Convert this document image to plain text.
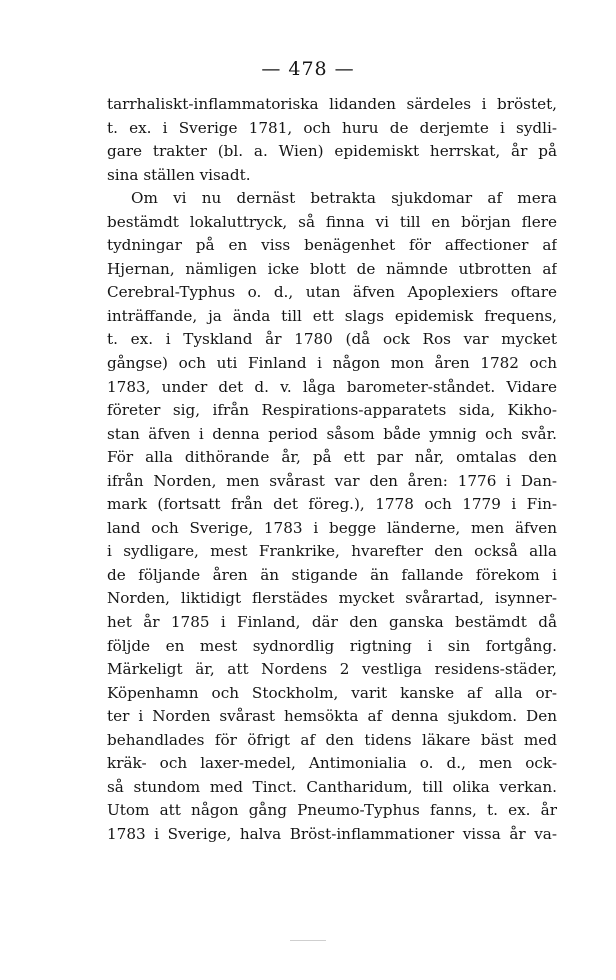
— 478 —
tarrhaliskt-inflammatoriska lidanden särdeles i bröstet,
t. ex. i Sverige 1781, och huru de derjemte i sydli-
gare trakter (bl. a. Wien) epidemiskt herrskat, år på
sina ställen visadt.
Om vi nu dernäst betrakta sjukdomar af mera
bestämdt lokaluttryck, så finna vi till en början flere
tydningar på en viss benägenhet för affectioner af
Hjernan, nämligen icke blott de nämnde utbrotten af
Cerebral-Typhus o. d., utan äfven Apoplexiers oftare
inträffande, ja ända till ett slags epidemisk frequens,
t. ex. i Tyskland år 1780 (då ock Ros var mycket
gångse) och uti Finland i någon mon åren 1782 och
1783, under det d. v. låga barometer-ståndet. Vidare
företer sig, ifrån Respirations-apparatets sida, Kikho-
stan äfven i denna period såsom både ymnig och svår.
För alla dithörande år, på ett par når, omtalas den
ifrån Norden, men svårast var den åren: 1776 i Dan-
mark (fortsatt från det föreg.), 1778 och 1779 i Fin-
land och Sverige, 1783 i begge länderne, men äfven
i sydligare, mest Frankrike, hvarefter den också alla
de följande åren än stigande än fallande förekom i
Norden, liktidigt flerstädes mycket svårartad, isynner-
het år 1785 i Finland, där den ganska bestämdt då
följde en mest sydnordlig rigtning i sin fortgång.
Märkeligt är, att Nordens 2 vestliga residens-städer,
Köpenhamn och Stockholm, varit kanske af alla or-
ter i Norden svårast hemsökta af denna sjukdom. Den
behandlades för öfrigt af den tidens läkare bäst med
kräk- och laxer-medel, Antimonialia o. d., men ock-
så stundom med Tinct. Cantharidum, till olika verkan.
Utom att någon gång Pneumo-Typhus fanns, t. ex. år
1783 i Sverige, halva Bröst-inflammationer vissa år va-
